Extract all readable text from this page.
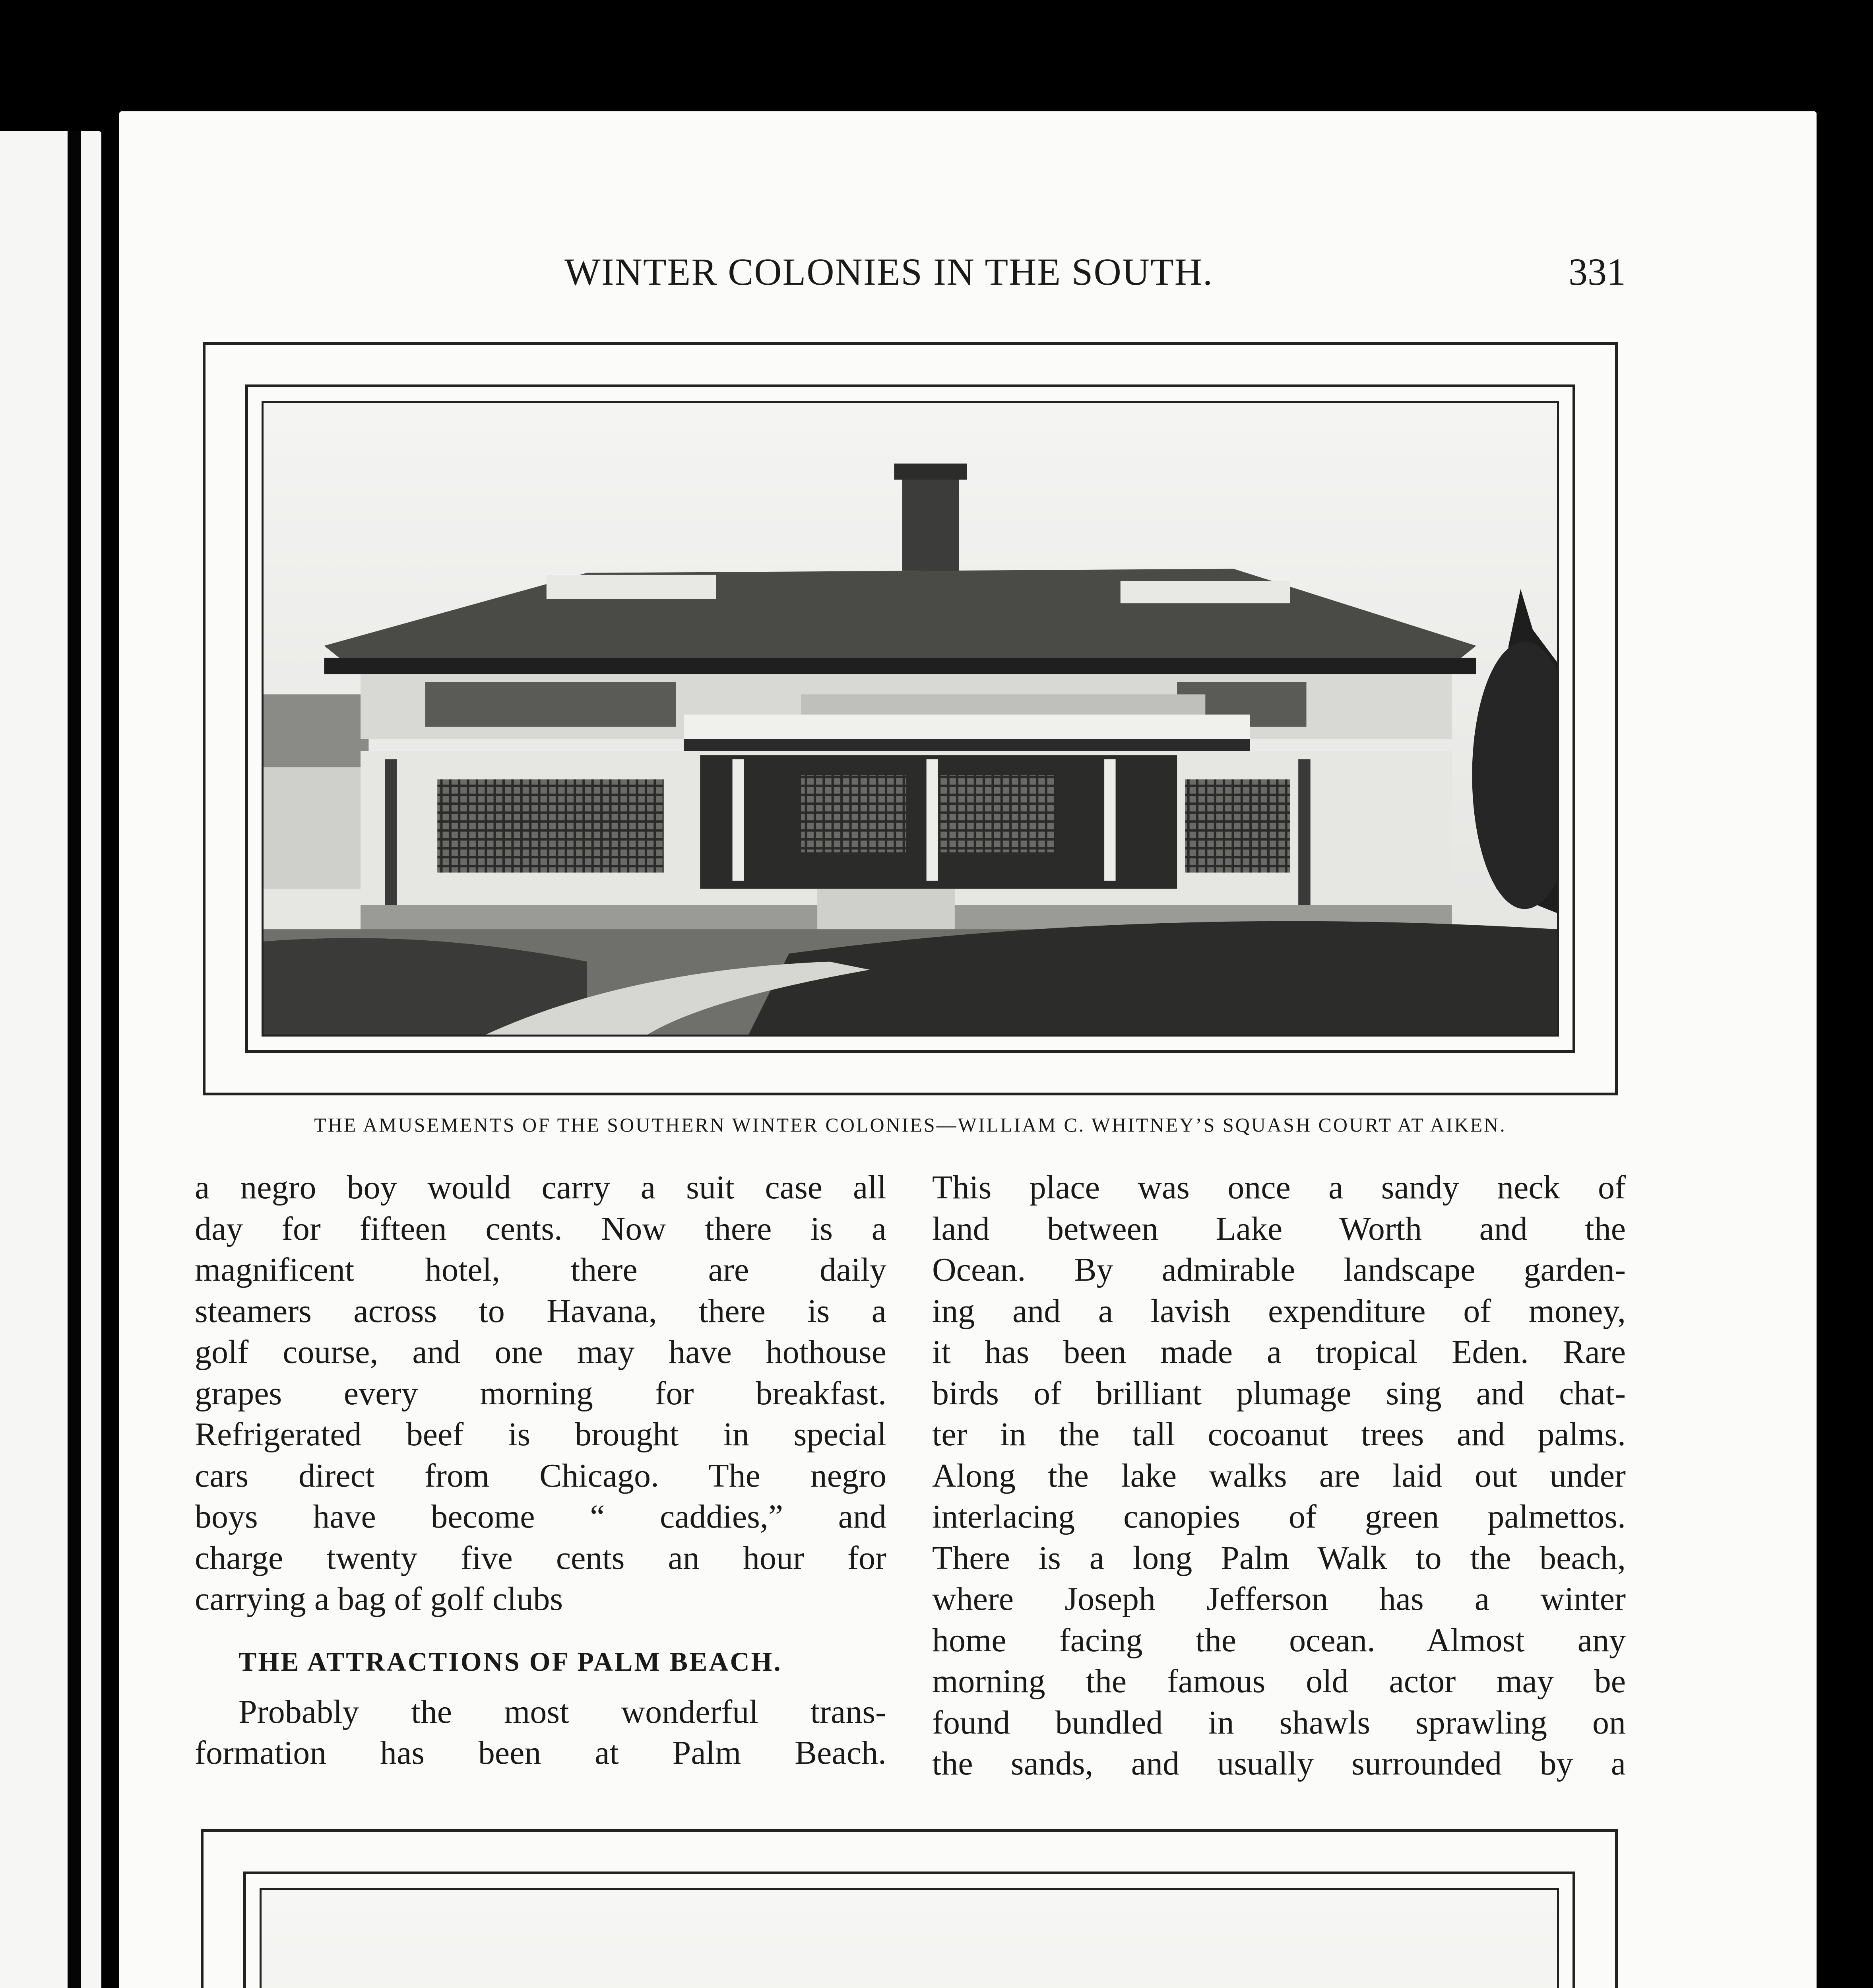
WINTER COLONIES IN THE SOUTH.	331
THE AMUSEMENTS OF THE SOUTHERN WINTER COLONIES—WILLIAM C. WHITNEY’S SQUASH COURT AT AIKEN.
a negro boy would carry a suit case all
day for fifteen cents. Now there is a
magnificent hotel, there are daily
steamers across to Havana, there is a
golf course, and one may have hothouse
grapes every morning for breakfast.
Refrigerated beef is brought in special
cars direct from Chicago. The negro
boys have become “ caddies,” and
charge twenty five cents an hour for
carrying a bag of golf clubs
THE ATTRACTIONS OF PALM BEACH.
Probably the most wonderful trans-
formation has been at Palm Beach.
This place was once a sandy neck of
land between Lake Worth and the
Ocean. By admirable landscape garden-
ing and a lavish expenditure of money,
it has been made a tropical Eden. Rare
birds of brilliant plumage sing and chat-
ter in the tall cocoanut trees and palms.
Along the lake walks are laid out under
interlacing canopies of green palmettos.
There is a long Palm Walk to the beach,
where Joseph Jefferson has a winter
home facing the ocean. Almost any
morning the famous old actor may be
found bundled in shawls sprawling on
the sands, and usually surrounded by a
